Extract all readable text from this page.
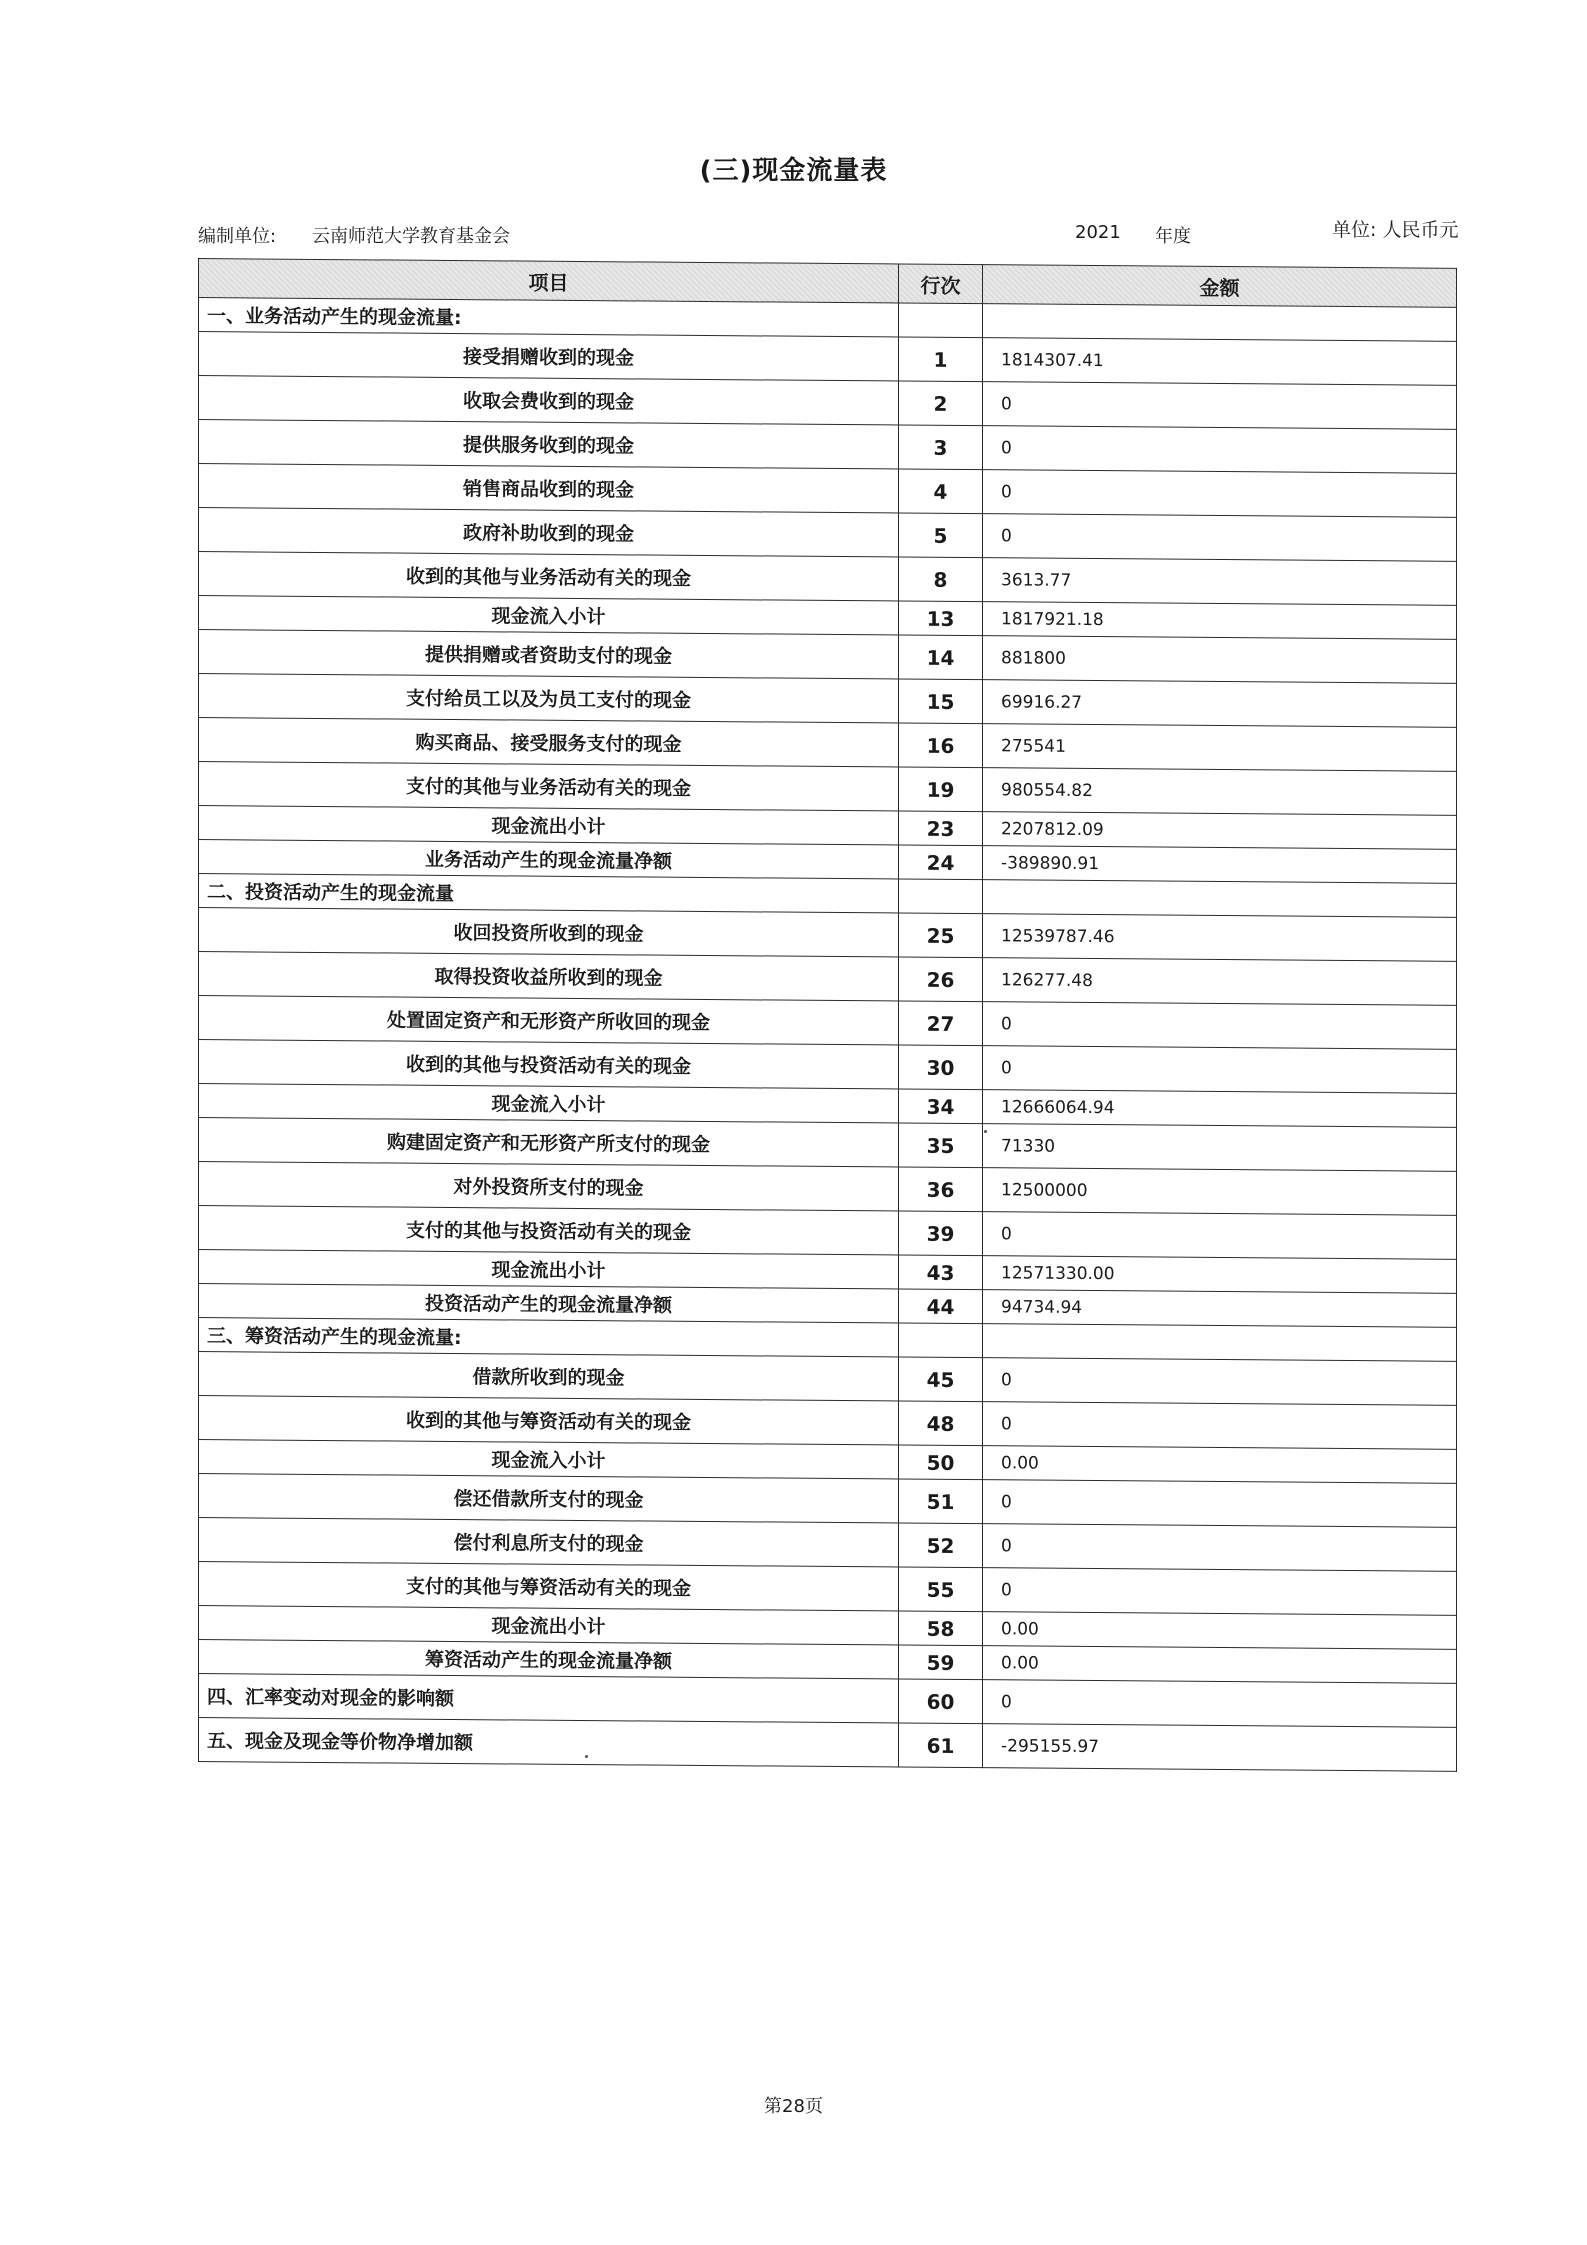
(三)现金流量表
编制单位: 云南师范大学教育基金会	2021 年度	单位: 人民币元
项目	行次	金额
一、业务活动产生的现金流量:		
接受捐赠收到的现金	1	1814307.41
收取会费收到的现金	2	0
提供服务收到的现金	3	0
销售商品收到的现金	4	0
政府补助收到的现金	5	0
收到的其他与业务活动有关的现金	8	3613.77
现金流入小计	13	1817921.18
提供捐赠或者资助支付的现金	14	881800
支付给员工以及为员工支付的现金	15	69916.27
购买商品、接受服务支付的现金	16	275541
支付的其他与业务活动有关的现金	19	980554.82
现金流出小计	23	2207812.09
业务活动产生的现金流量净额	24	-389890.91
二、投资活动产生的现金流量		
收回投资所收到的现金	25	12539787.46
取得投资收益所收到的现金	26	126277.48
处置固定资产和无形资产所收回的现金	27	0
收到的其他与投资活动有关的现金	30	0
现金流入小计	34	12666064.94
购建固定资产和无形资产所支付的现金	35	71330
对外投资所支付的现金	36	12500000
支付的其他与投资活动有关的现金	39	0
现金流出小计	43	12571330.00
投资活动产生的现金流量净额	44	94734.94
三、筹资活动产生的现金流量:		
借款所收到的现金	45	0
收到的其他与筹资活动有关的现金	48	0
现金流入小计	50	0.00
偿还借款所支付的现金	51	0
偿付利息所支付的现金	52	0
支付的其他与筹资活动有关的现金	55	0
现金流出小计	58	0.00
筹资活动产生的现金流量净额	59	0.00
四、汇率变动对现金的影响额	60	0
五、现金及现金等价物净增加额	61	-295155.97
第28页
